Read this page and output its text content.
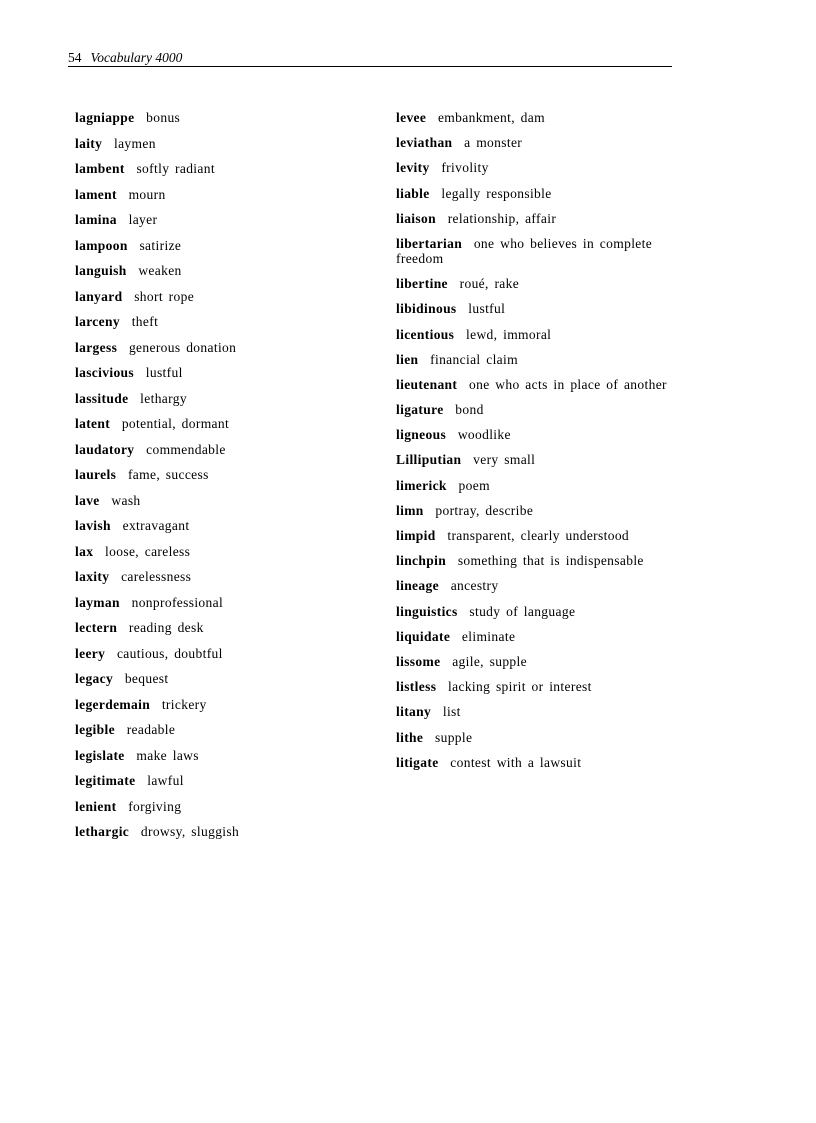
54 Vocabulary 4000
lagniappe bonus
laity laymen
lambent softly radiant
lament mourn
lamina layer
lampoon satirize
languish weaken
lanyard short rope
larceny theft
largess generous donation
lascivious lustful
lassitude lethargy
latent potential, dormant
laudatory commendable
laurels fame, success
lave wash
lavish extravagant
lax loose, careless
laxity carelessness
layman nonprofessional
lectern reading desk
leery cautious, doubtful
legacy bequest
legerdemain trickery
legible readable
legislate make laws
legitimate lawful
lenient forgiving
lethargic drowsy, sluggish
levee embankment, dam
leviathan a monster
levity frivolity
liable legally responsible
liaison relationship, affair
libertarian one who believes in complete freedom
libertine roué, rake
libidinous lustful
licentious lewd, immoral
lien financial claim
lieutenant one who acts in place of another
ligature bond
ligneous woodlike
Lilliputian very small
limerick poem
limn portray, describe
limpid transparent, clearly understood
linchpin something that is indispensable
lineage ancestry
linguistics study of language
liquidate eliminate
lissome agile, supple
listless lacking spirit or interest
litany list
lithe supple
litigate contest with a lawsuit
